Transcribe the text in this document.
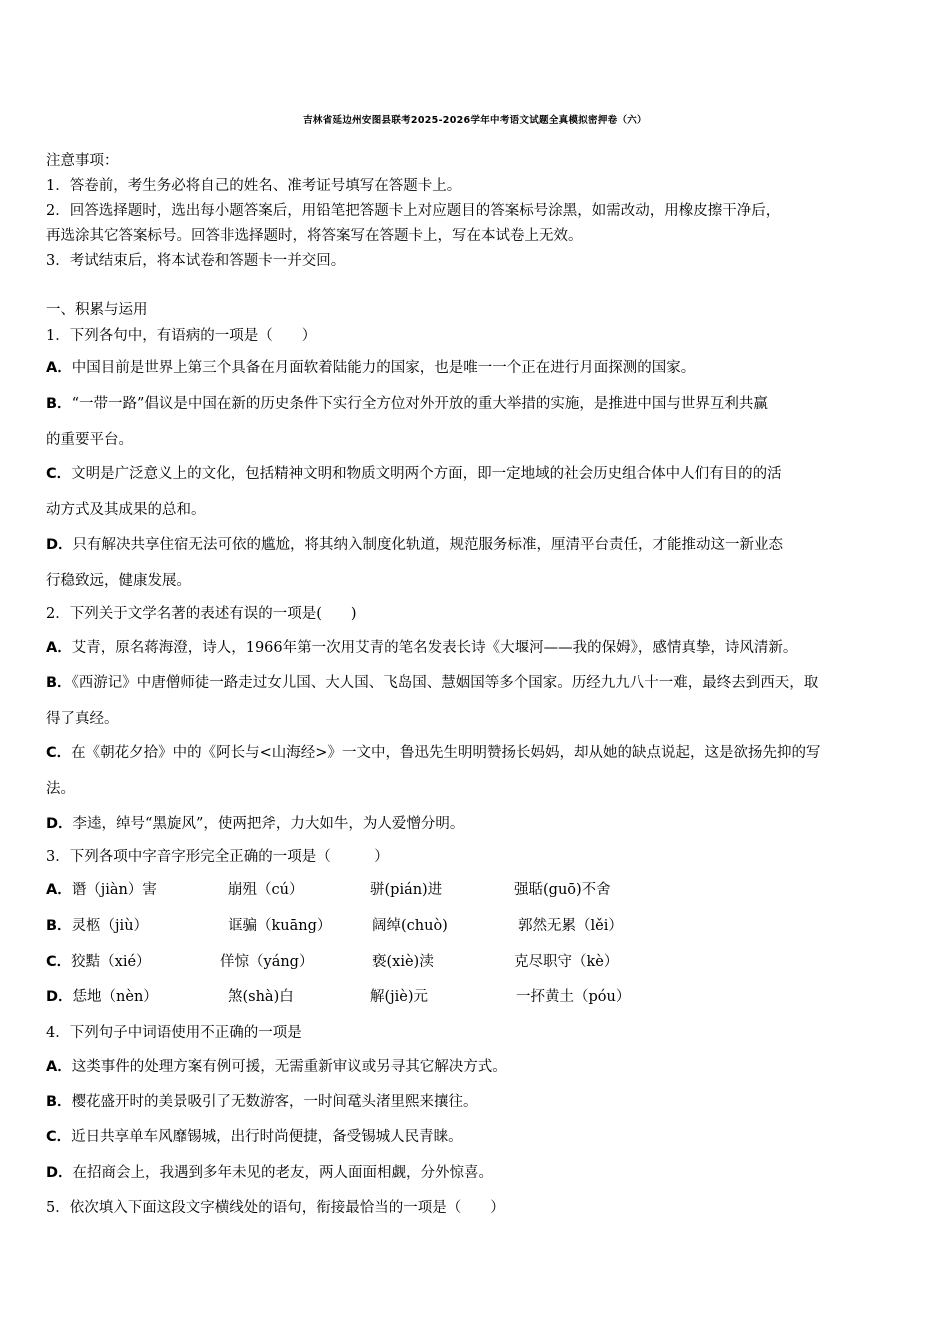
吉林省延边州安图县联考2025-2026学年中考语文试题全真模拟密押卷（六）
注意事项：
1．答卷前，考生务必将自己的姓名、准考证号填写在答题卡上。
2．回答选择题时，选出每小题答案后，用铅笔把答题卡上对应题目的答案标号涂黑，如需改动，用橡皮擦干净后，
再选涂其它答案标号。回答非选择题时，将答案写在答题卡上，写在本试卷上无效。
3．考试结束后，将本试卷和答题卡一并交回。
一、积累与运用
1．下列各句中，有语病的一项是（　　）
A．中国目前是世界上第三个具备在月面软着陆能力的国家，也是唯一一个正在进行月面探测的国家。
B．“一带一路”倡议是中国在新的历史条件下实行全方位对外开放的重大举措的实施，是推进中国与世界互利共赢
的重要平台。
C．文明是广泛意义上的文化，包括精神文明和物质文明两个方面，即一定地域的社会历史组合体中人们有目的的活
动方式及其成果的总和。
D．只有解决共享住宿无法可依的尴尬，将其纳入制度化轨道，规范服务标准，厘清平台责任，才能推动这一新业态
行稳致远，健康发展。
2．下列关于文学名著的表述有误的一项是(　　)
A．艾青，原名蒋海澄，诗人，1966年第一次用艾青的笔名发表长诗《大堰河——我的保姆》，感情真挚，诗风清新。
B．《西游记》中唐僧师徒一路走过女儿国、大人国、飞岛国、慧姻国等多个国家。历经九九八十一难，最终去到西天，取
得了真经。
C．在《朝花夕拾》中的《阿长与<山海经>》一文中，鲁迅先生明明赞扬长妈妈，却从她的缺点说起，这是欲扬先抑的写
法。
D．李逵，绰号“黑旋风”，使两把斧，力大如牛，为人爱憎分明。
3．下列各项中字音字形完全正确的一项是（　　　）
A．谮（jiàn）害	崩殂（cú）	骈(pián)进	强聒(guō)不舍
B．灵柩（jiù）	诓骗（kuāng）	阔绰(chuò)	郭然无累（lěi）
C．狡黠（xié）	佯惊（yáng）	亵(xiè)渎	克尽职守（kè）
D．恁地（nèn）	煞(shà)白	解(jiè)元	一抔黄土（póu）
4．下列句子中词语使用不正确的一项是
A．这类事件的处理方案有例可援，无需重新审议或另寻其它解决方式。
B．樱花盛开时的美景吸引了无数游客，一时间鼋头渚里熙来攘往。
C．近日共享单车风靡锡城，出行时尚便捷，备受锡城人民青睐。
D．在招商会上，我遇到多年未见的老友，两人面面相觑，分外惊喜。
5．依次填入下面这段文字横线处的语句，衔接最恰当的一项是（　　）
